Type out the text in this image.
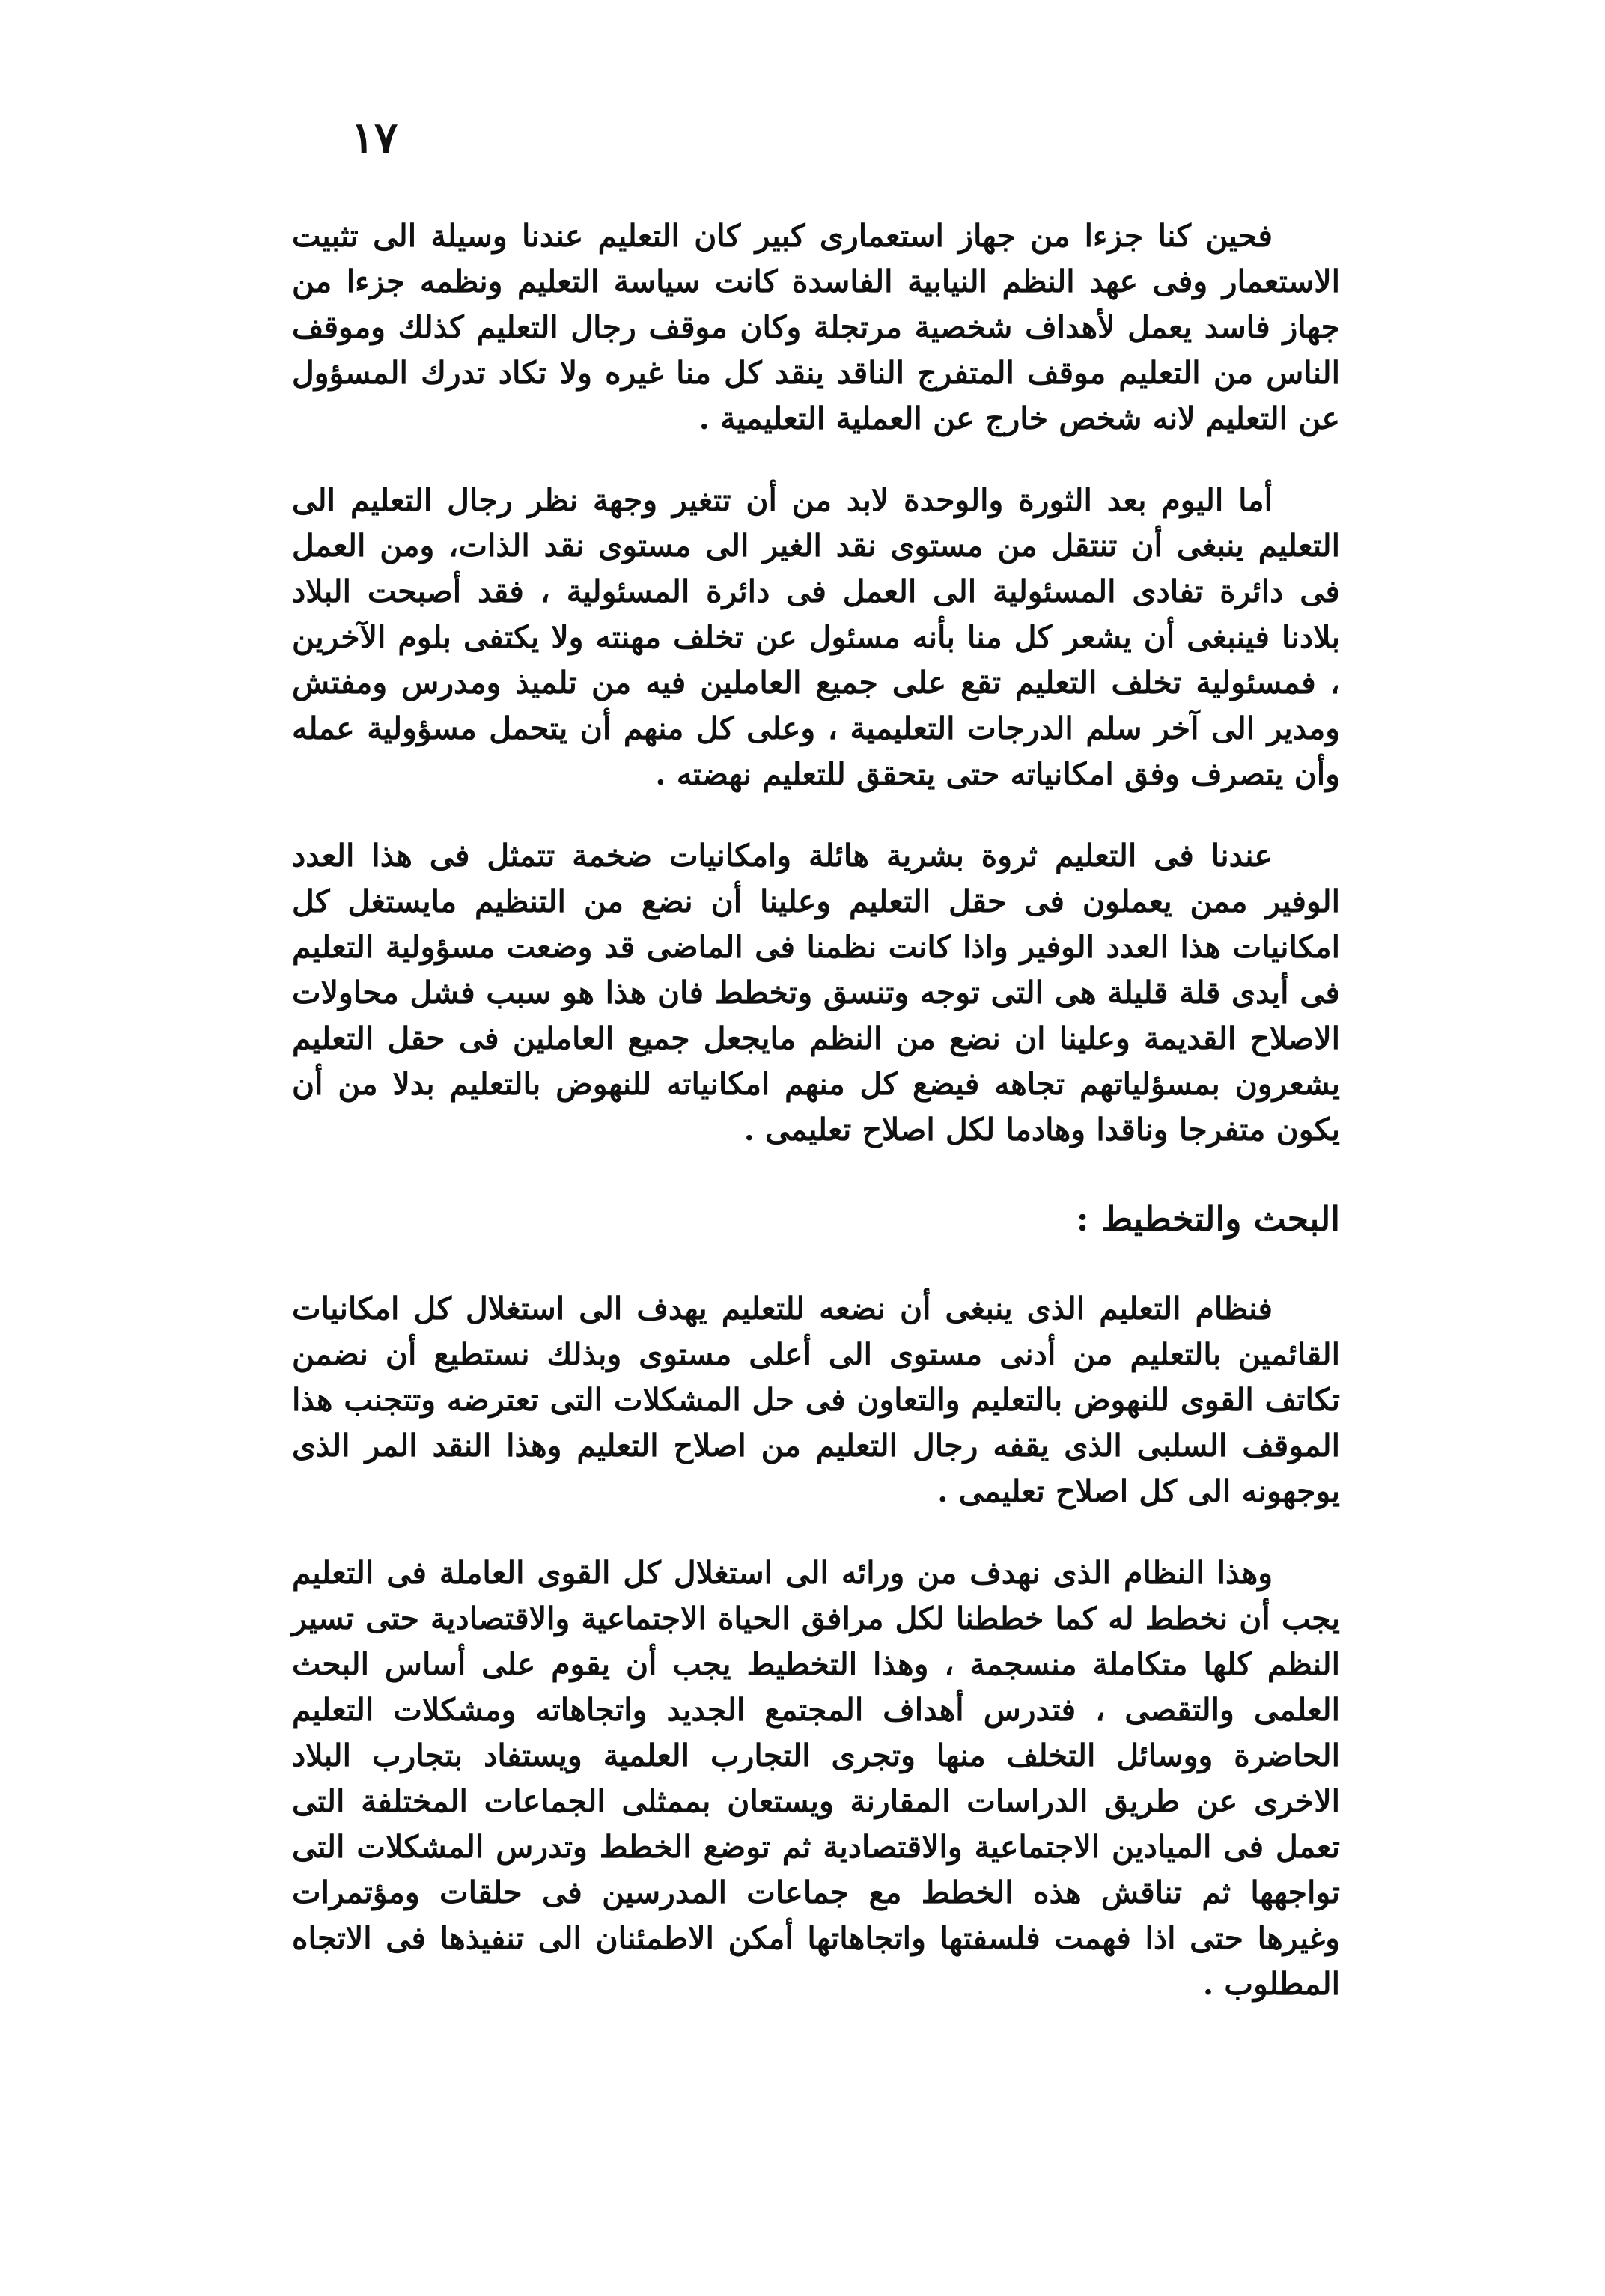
١٧

فحين كنا جزءا من جهاز استعمارى كبير كان التعليم عندنا وسيلة الى تثبيت الاستعمار وفى عهد النظم النيابية الفاسدة كانت سياسة التعليم ونظمه جزءا من جهاز فاسد يعمل لأهداف شخصية مرتجلة وكان موقف رجال التعليم كذلك وموقف الناس من التعليم موقف المتفرج الناقد ينقد كل منا غيره ولا تكاد تدرك المسؤول عن التعليم لانه شخص خارج عن العملية التعليمية .

أما اليوم بعد الثورة والوحدة لابد من أن تتغير وجهة نظر رجال التعليم الى التعليم ينبغى أن تنتقل من مستوى نقد الغير الى مستوى نقد الذات، ومن العمل فى دائرة تفادى المسئولية الى العمل فى دائرة المسئولية ، فقد أصبحت البلاد بلادنا فينبغى أن يشعر كل منا بأنه مسئول عن تخلف مهنته ولا يكتفى بلوم الآخرين ، فمسئولية تخلف التعليم تقع على جميع العاملين فيه من تلميذ ومدرس ومفتش ومدير الى آخر سلم الدرجات التعليمية ، وعلى كل منهم أن يتحمل مسؤولية عمله وأن يتصرف وفق امكانياته حتى يتحقق للتعليم نهضته .

عندنا فى التعليم ثروة بشرية هائلة وامكانيات ضخمة تتمثل فى هذا العدد الوفير ممن يعملون فى حقل التعليم وعلينا أن نضع من التنظيم مايستغل كل امكانيات هذا العدد الوفير واذا كانت نظمنا فى الماضى قد وضعت مسؤولية التعليم فى أيدى قلة قليلة هى التى توجه وتنسق وتخطط فان هذا هو سبب فشل محاولات الاصلاح القديمة وعلينا ان نضع من النظم مايجعل جميع العاملين فى حقل التعليم يشعرون بمسؤلياتهم تجاهه فيضع كل منهم امكانياته للنهوض بالتعليم بدلا من أن يكون متفرجا وناقدا وهادما لكل اصلاح تعليمى .

البحث والتخطيط :

فنظام التعليم الذى ينبغى أن نضعه للتعليم يهدف الى استغلال كل امكانيات القائمين بالتعليم من أدنى مستوى الى أعلى مستوى وبذلك نستطيع أن نضمن تكاتف القوى للنهوض بالتعليم والتعاون فى حل المشكلات التى تعترضه وتتجنب هذا الموقف السلبى الذى يقفه رجال التعليم من اصلاح التعليم وهذا النقد المر الذى يوجهونه الى كل اصلاح تعليمى .

وهذا النظام الذى نهدف من ورائه الى استغلال كل القوى العاملة فى التعليم يجب أن نخطط له كما خططنا لكل مرافق الحياة الاجتماعية والاقتصادية حتى تسير النظم كلها متكاملة منسجمة ، وهذا التخطيط يجب أن يقوم على أساس البحث العلمى والتقصى ، فتدرس أهداف المجتمع الجديد واتجاهاته ومشكلات التعليم الحاضرة ووسائل التخلف منها وتجرى التجارب العلمية ويستفاد بتجارب البلاد الاخرى عن طريق الدراسات المقارنة ويستعان بممثلى الجماعات المختلفة التى تعمل فى الميادين الاجتماعية والاقتصادية ثم توضع الخطط وتدرس المشكلات التى تواجهها ثم تناقش هذه الخطط مع جماعات المدرسين فى حلقات ومؤتمرات وغيرها حتى اذا فهمت فلسفتها واتجاهاتها أمكن الاطمئنان الى تنفيذها فى الاتجاه المطلوب .
